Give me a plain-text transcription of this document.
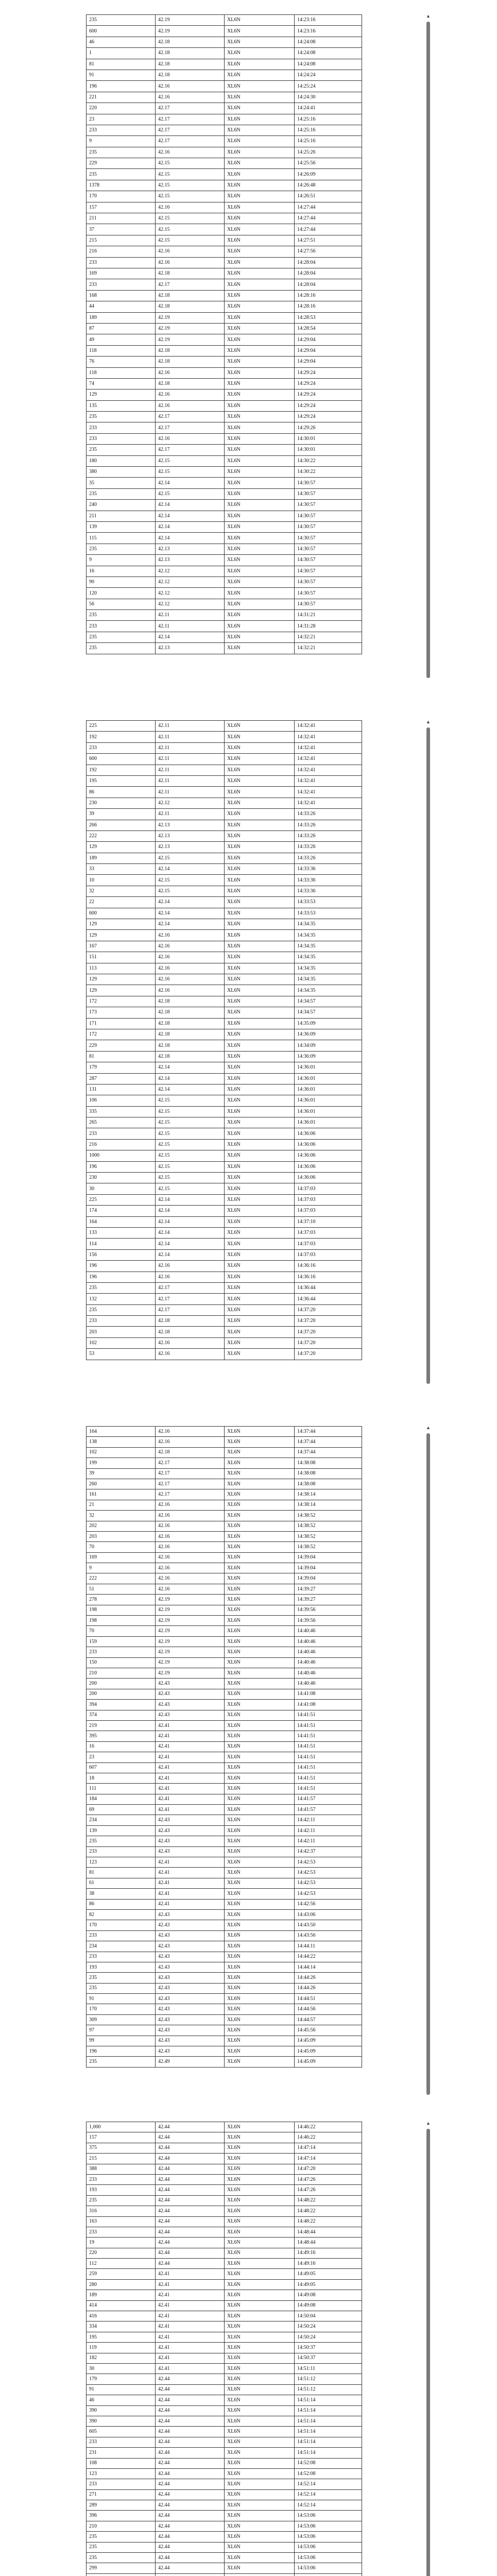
235	42.19	XL6N	14:23:16
600	42.19	XL6N	14:23:16
46	42.18	XL6N	14:24:08
1	42.18	XL6N	14:24:08
81	42.18	XL6N	14:24:08
91	42.18	XL6N	14:24:24
196	42.16	XL6N	14:25:24
221	42.16	XL6N	14:24:30
220	42.17	XL6N	14:24:41
23	42.17	XL6N	14:25:16
233	42.17	XL6N	14:25:16
9	42.17	XL6N	14:25:16
235	42.16	XL6N	14:25:26
229	42.15	XL6N	14:25:56
235	42.15	XL6N	14:26:09
1378	42.15	XL6N	14:26:48
170	42.15	XL6N	14:26:51
157	42.16	XL6N	14:27:44
211	42.15	XL6N	14:27:44
37	42.15	XL6N	14:27:44
215	42.15	XL6N	14:27:51
216	42.16	XL6N	14:27:56
233	42.16	XL6N	14:28:04
169	42.18	XL6N	14:28:04
233	42.17	XL6N	14:28:04
168	42.18	XL6N	14:28:16
44	42.18	XL6N	14:28:16
189	42.19	XL6N	14:28:53
87	42.19	XL6N	14:28:54
49	42.19	XL6N	14:29:04
118	42.18	XL6N	14:29:04
76	42.18	XL6N	14:29:04
118	42.16	XL6N	14:29:24
74	42.18	XL6N	14:29:24
129	42.16	XL6N	14:29:24
135	42.16	XL6N	14:29:24
235	42.17	XL6N	14:29:24
233	42.17	XL6N	14:29:26
233	42.16	XL6N	14:30:01
235	42.17	XL6N	14:30:01
180	42.15	XL6N	14:30:22
380	42.15	XL6N	14:30:22
35	42.14	XL6N	14:30:57
235	42.15	XL6N	14:30:57
240	42.14	XL6N	14:30:57
211	42.14	XL6N	14:30:57
139	42.14	XL6N	14:30:57
115	42.14	XL6N	14:30:57
235	42.13	XL6N	14:30:57
9	42.13	XL6N	14:30:57
16	42.12	XL6N	14:30:57
90	42.12	XL6N	14:30:57
120	42.12	XL6N	14:30:57
56	42.12	XL6N	14:30:57
235	42.11	XL6N	14:31:21
233	42.11	XL6N	14:31:28
235	42.14	XL6N	14:32:21
235	42.13	XL6N	14:32:21
▲
225	42.11	XL6N	14:32:41
192	42.11	XL6N	14:32:41
233	42.11	XL6N	14:32:41
600	42.11	XL6N	14:32:41
192	42.11	XL6N	14:32:41
195	42.11	XL6N	14:32:41
86	42.11	XL6N	14:32:41
230	42.12	XL6N	14:32:41
39	42.11	XL6N	14:33:26
266	42.13	XL6N	14:33:26
222	42.13	XL6N	14:33:26
129	42.13	XL6N	14:33:26
189	42.15	XL6N	14:33:26
33	42.14	XL6N	14:33:36
10	42.15	XL6N	14:33:36
32	42.15	XL6N	14:33:36
22	42.14	XL6N	14:33:53
600	42.14	XL6N	14:33:53
129	42.14	XL6N	14:34:35
129	42.16	XL6N	14:34:35
167	42.16	XL6N	14:34:35
151	42.16	XL6N	14:34:35
113	42.16	XL6N	14:34:35
129	42.16	XL6N	14:34:35
129	42.16	XL6N	14:34:35
172	42.18	XL6N	14:34:57
173	42.18	XL6N	14:34:57
171	42.18	XL6N	14:35:09
172	42.18	XL6N	14:36:09
229	42.18	XL6N	14:34:09
81	42.18	XL6N	14:36:09
179	42.14	XL6N	14:36:01
287	42.14	XL6N	14:36:01
131	42.14	XL6N	14:36:01
106	42.15	XL6N	14:36:01
335	42.15	XL6N	14:36:01
265	42.15	XL6N	14:36:01
233	42.15	XL6N	14:36:06
216	42.15	XL6N	14:36:06
1000	42.15	XL6N	14:36:06
196	42.15	XL6N	14:36:06
230	42.15	XL6N	14:36:06
30	42.15	XL6N	14:37:03
225	42.14	XL6N	14:37:03
174	42.14	XL6N	14:37:03
164	42.14	XL6N	14:37:10
133	42.14	XL6N	14:37:03
114	42.14	XL6N	14:37:03
156	42.14	XL6N	14:37:03
196	42.16	XL6N	14:36:16
196	42.16	XL6N	14:36:16
235	42.17	XL6N	14:36:44
132	42.17	XL6N	14:36:44
235	42.17	XL6N	14:37:20
233	42.18	XL6N	14:37:20
203	42.18	XL6N	14:37:20
102	42.16	XL6N	14:37:20
53	42.16	XL6N	14:37:20
▲
164	42.16	XL6N	14:37:44
138	42.16	XL6N	14:37:44
102	42.18	XL6N	14:37:44
199	42.17	XL6N	14:38:08
39	42.17	XL6N	14:38:08
260	42.17	XL6N	14:38:08
161	42.17	XL6N	14:38:14
21	42.16	XL6N	14:38:14
32	42.16	XL6N	14:38:52
202	42.16	XL6N	14:38:52
203	42.16	XL6N	14:38:52
70	42.16	XL6N	14:38:52
169	42.16	XL6N	14:39:04
9	42.16	XL6N	14:39:04
222	42.16	XL6N	14:39:04
51	42.16	XL6N	14:39:27
278	42.19	XL6N	14:39:27
198	42.19	XL6N	14:39:56
198	42.19	XL6N	14:39:56
70	42.19	XL6N	14:40:46
159	42.19	XL6N	14:40:46
233	42.19	XL6N	14:40:46
150	42.19	XL6N	14:40:46
210	42.19	XL6N	14:40:46
200	42.43	XL6N	14:40:46
200	42.43	XL6N	14:41:08
394	42.43	XL6N	14:41:08
374	42.43	XL6N	14:41:51
219	42.41	XL6N	14:41:51
395	42.41	XL6N	14:41:51
16	42.41	XL6N	14:41:51
23	42.41	XL6N	14:41:51
607	42.41	XL6N	14:41:51
18	42.41	XL6N	14:41:51
111	42.41	XL6N	14:41:51
184	42.41	XL6N	14:41:57
69	42.41	XL6N	14:41:57
234	42.43	XL6N	14:42:11
139	42.43	XL6N	14:42:11
235	42.43	XL6N	14:42:11
233	42.43	XL6N	14:42:37
123	42.41	XL6N	14:42:53
81	42.41	XL6N	14:42:53
61	42.41	XL6N	14:42:53
38	42.41	XL6N	14:42:53
86	42.41	XL6N	14:42:56
82	42.43	XL6N	14:43:06
170	42.43	XL6N	14:43:50
233	42.43	XL6N	14:43:56
234	42.43	XL6N	14:44:11
233	42.43	XL6N	14:44:22
193	42.43	XL6N	14:44:14
235	42.43	XL6N	14:44:26
235	42.43	XL6N	14:44:26
91	42.43	XL6N	14:44:51
170	42.43	XL6N	14:44:56
309	42.43	XL6N	14:44:57
97	42.43	XL6N	14:45:56
99	42.43	XL6N	14:45:09
196	42.43	XL6N	14:45:09
235	42.49	XL6N	14:45:09
▲
1,000	42.44	XL6N	14:46:22
157	42.44	XL6N	14:46:22
375	42.44	XL6N	14:47:14
215	42.44	XL6N	14:47:14
388	42.44	XL6N	14:47:20
233	42.44	XL6N	14:47:26
193	42.44	XL6N	14:47:26
235	42.44	XL6N	14:48:22
316	42.44	XL6N	14:48:22
163	42.44	XL6N	14:48:22
233	42.44	XL6N	14:48:44
19	42.44	XL6N	14:48:44
220	42.44	XL6N	14:49:16
112	42.44	XL6N	14:49:16
259	42.41	XL6N	14:49:05
280	42.41	XL6N	14:49:05
189	42.41	XL6N	14:49:08
414	42.41	XL6N	14:49:08
416	42.41	XL6N	14:50:04
334	42.41	XL6N	14:50:24
195	42.41	XL6N	14:50:24
119	42.41	XL6N	14:50:37
182	42.41	XL6N	14:50:37
30	42.41	XL6N	14:51:11
179	42.44	XL6N	14:51:12
91	42.44	XL6N	14:51:12
46	42.44	XL6N	14:51:14
390	42.44	XL6N	14:51:14
390	42.44	XL6N	14:51:14
605	42.44	XL6N	14:51:14
233	42.44	XL6N	14:51:14
231	42.44	XL6N	14:51:14
108	42.44	XL6N	14:52:08
123	42.44	XL6N	14:52:08
233	42.44	XL6N	14:52:14
271	42.44	XL6N	14:52:14
289	42.44	XL6N	14:52:14
396	42.44	XL6N	14:53:06
210	42.44	XL6N	14:53:06
235	42.44	XL6N	14:53:06
235	42.44	XL6N	14:53:06
235	42.44	XL6N	14:53:06
299	42.44	XL6N	14:53:06

▲
